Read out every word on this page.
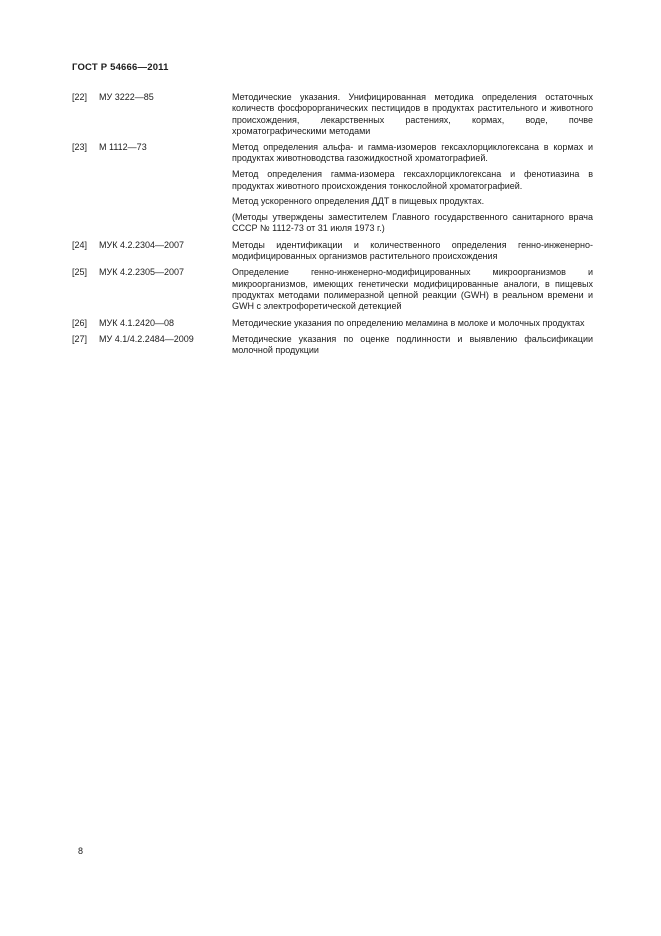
ГОСТ Р 54666—2011
[22] МУ 3222—85	Методические указания. Унифицированная методика определения остаточных количеств фосфорорганических пестицидов в продуктах растительного и животного происхождения, лекарственных растениях, кормах, воде, почве хроматографическими методами

[23] М 1112—73	Метод определения альфа- и гамма-изомеров гексахлорциклогексана в кормах и продуктах животноводства газожидкостной хроматографией.

Метод определения гамма-изомера гексахлорциклогексана и фенотиазина в продуктах животного происхождения тонкослойной хроматографией.

Метод ускоренного определения ДДТ в пищевых продуктах.

(Методы утверждены заместителем Главного государственного санитарного врача СССР № 1112-73 от 31 июля 1973 г.)

[24] МУК 4.2.2304—2007	Методы идентификации и количественного определения генно-инженерно-модифицированных организмов растительного происхождения

[25] МУК 4.2.2305—2007	Определение генно-инженерно-модифицированных микроорганизмов и микроорганизмов, имеющих генетически модифицированные аналоги, в пищевых продуктах методами полимеразной цепной реакции (GWH) в реальном времени и GWH с электрофоретической детекцией

[26] МУК 4.1.2420—08	Методические указания по определению меламина в молоке и молочных продуктах

[27] МУ 4.1/4.2.2484—2009	Методические указания по оценке подлинности и выявлению фальсификации молочной продукции

8
